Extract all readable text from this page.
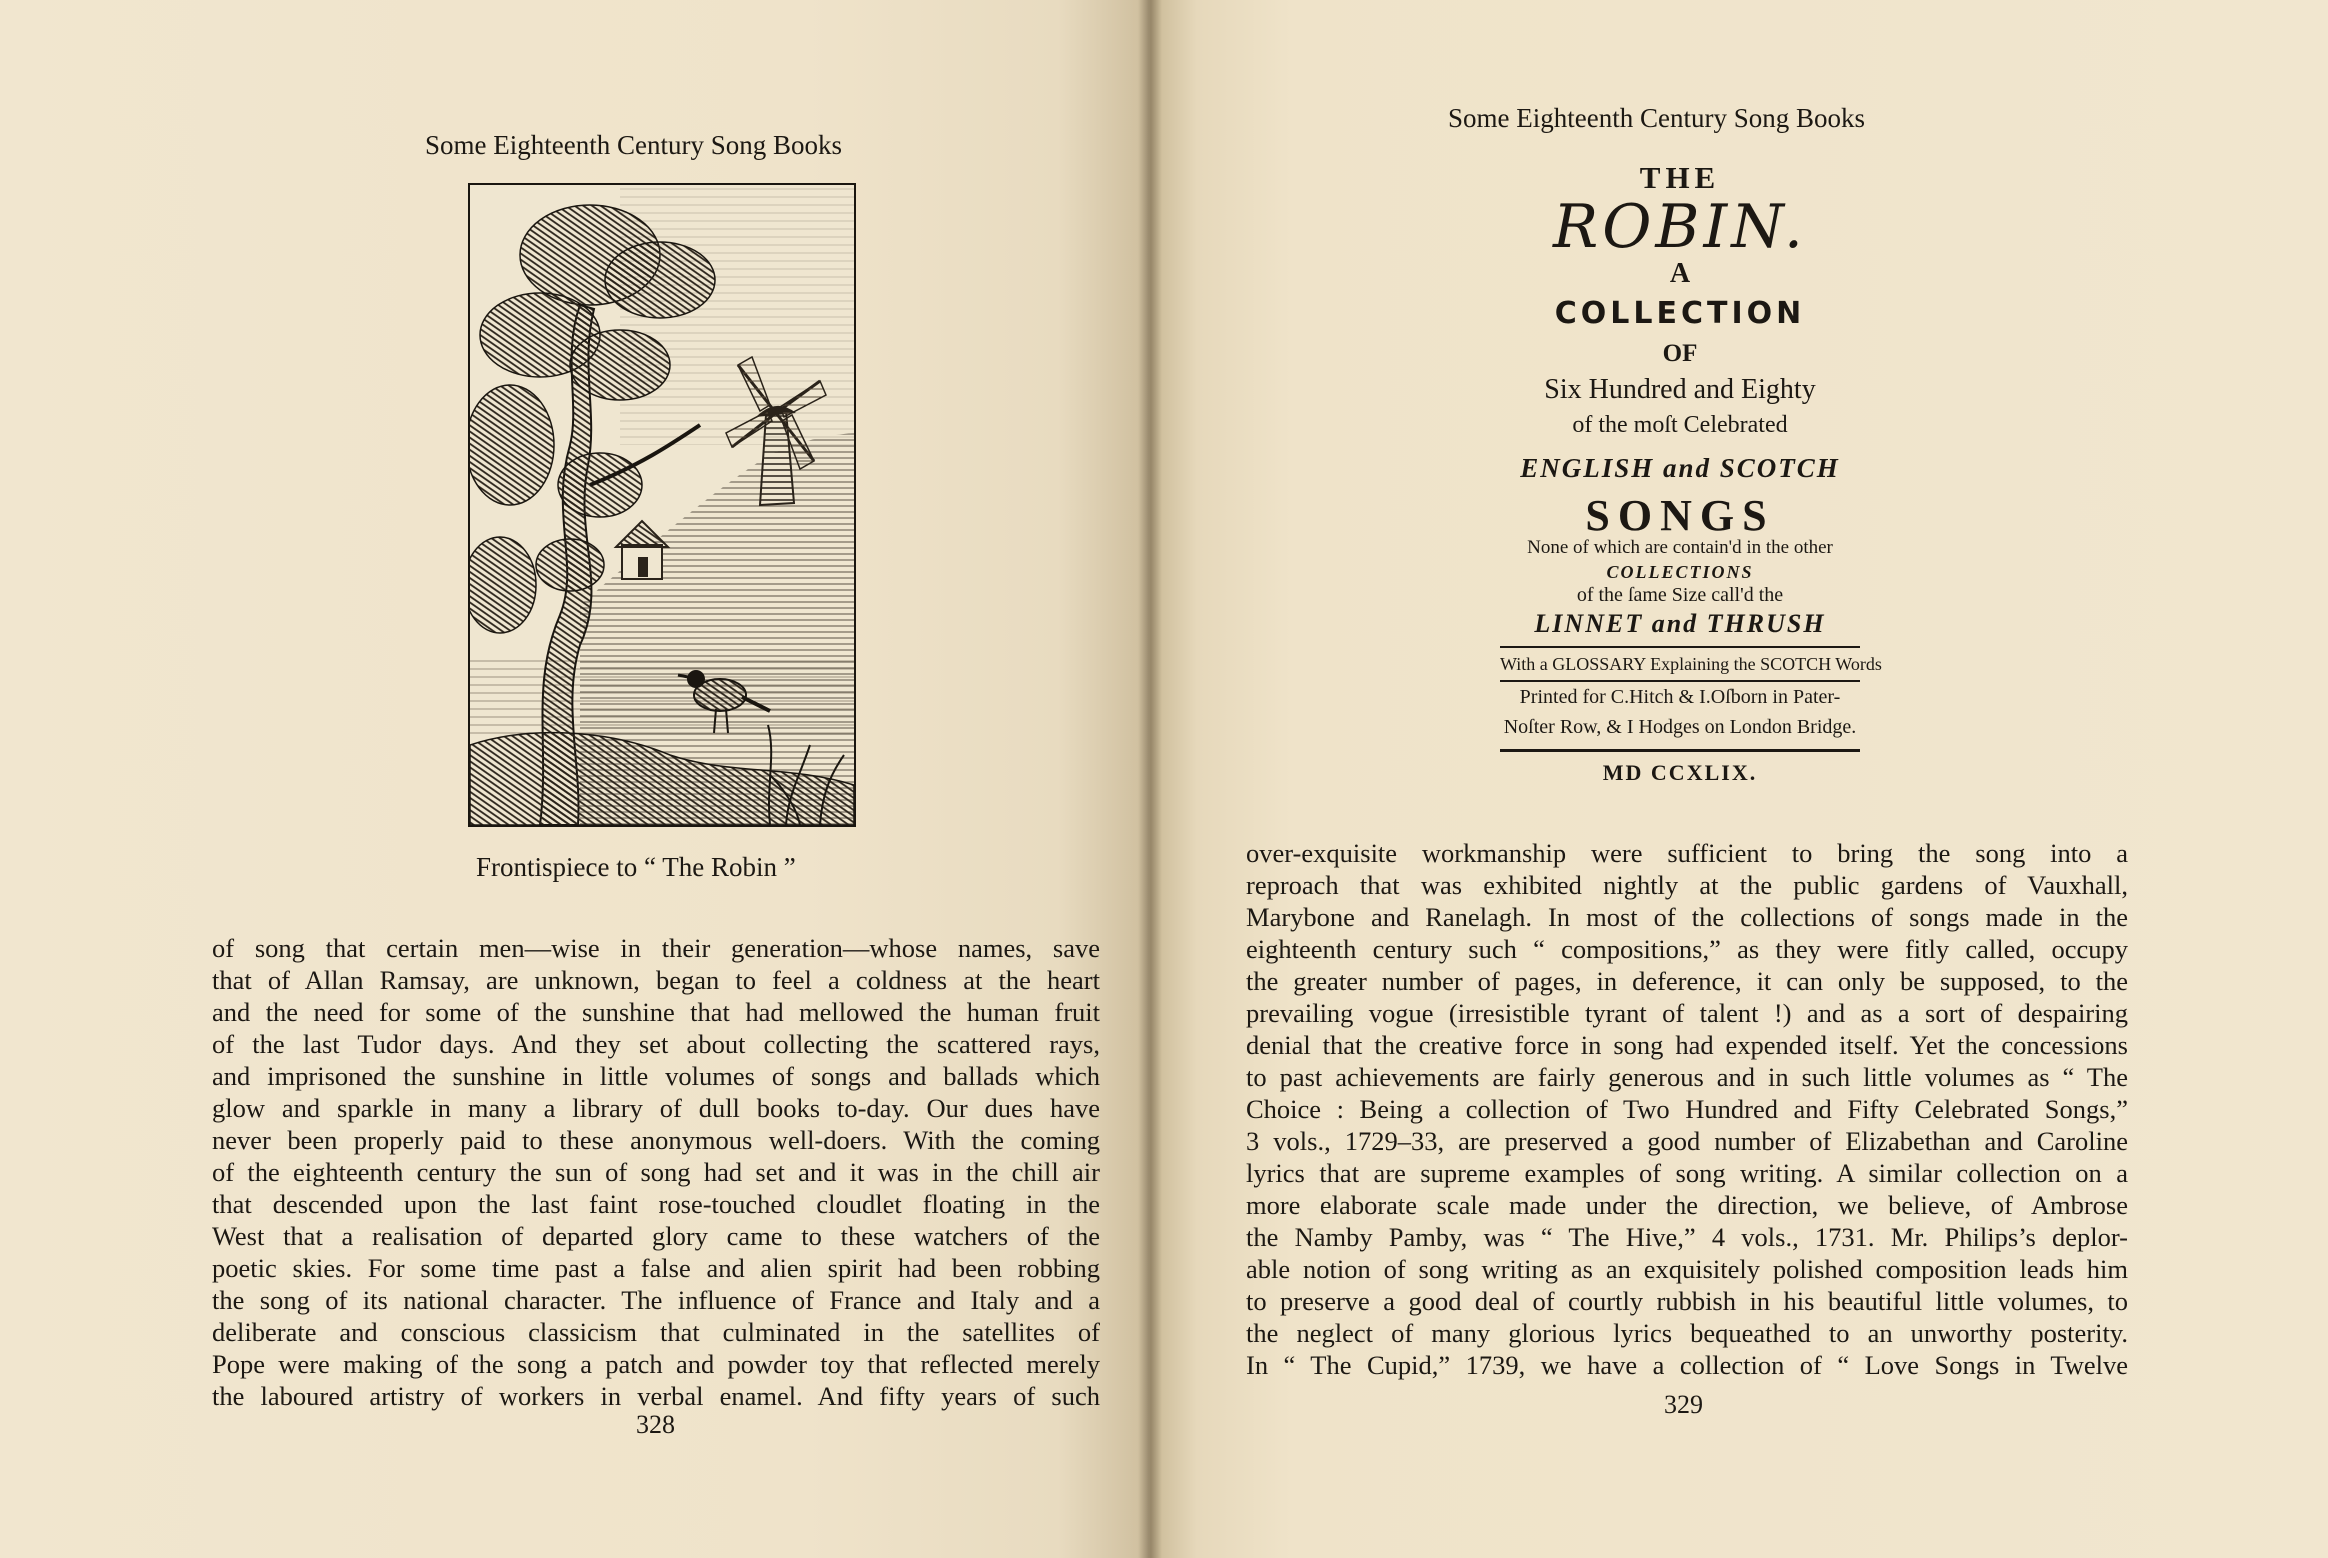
Some Eighteenth Century Song Books
Frontispiece to “ The Robin ”

of song that certain men—wise in their generation—whose names, save

that of Allan Ramsay, are unknown, began to feel a coldness at the heart

and the need for some of the sunshine that had mellowed the human fruit

of the last Tudor days. And they set about collecting the scattered rays,

and imprisoned the sunshine in little volumes of songs and ballads which

glow and sparkle in many a library of dull books to-day. Our dues have

never been properly paid to these anonymous well-doers. With the coming

of the eighteenth century the sun of song had set and it was in the chill air

that descended upon the last faint rose-touched cloudlet floating in the

West that a realisation of departed glory came to these watchers of the

poetic skies. For some time past a false and alien spirit had been robbing

the song of its national character. The influence of France and Italy and a

deliberate and conscious classicism that culminated in the satellites of

Pope were making of the song a patch and powder toy that reflected merely

the laboured artistry of workers in verbal enamel. And fifty years of such

328
Some Eighteenth Century Song Books
THE
ROBIN.
A
COLLECTION
OF
Six Hundred and Eighty
of the moſt Celebrated
ENGLISH and SCOTCH
SONGS
None of which are contain'd in the other
COLLECTIONS
of the ſame Size call'd the
LINNET and THRUSH
With a GLOSSARY Explaining the SCOTCH Words
Printed for C.Hitch & I.Oſborn in Pater-
Noſter Row, & I Hodges on London Bridge.
MD CCXLIX.

over-exquisite workmanship were sufficient to bring the song into a

reproach that was exhibited nightly at the public gardens of Vauxhall,

Marybone and Ranelagh. In most of the collections of songs made in the

eighteenth century such “ compositions,” as they were fitly called, occupy

the greater number of pages, in deference, it can only be supposed, to the

prevailing vogue (irresistible tyrant of talent !) and as a sort of despairing

denial that the creative force in song had expended itself. Yet the concessions

to past achievements are fairly generous and in such little volumes as “ The

Choice : Being a collection of Two Hundred and Fifty Celebrated Songs,”

3 vols., 1729–33, are preserved a good number of Elizabethan and Caroline

lyrics that are supreme examples of song writing. A similar collection on a

more elaborate scale made under the direction, we believe, of Ambrose

the Namby Pamby, was “ The Hive,” 4 vols., 1731. Mr. Philips’s deplor-

able notion of song writing as an exquisitely polished composition leads him

to preserve a good deal of courtly rubbish in his beautiful little volumes, to

the neglect of many glorious lyrics bequeathed to an unworthy posterity.

In “ The Cupid,” 1739, we have a collection of “ Love Songs in Twelve

329
